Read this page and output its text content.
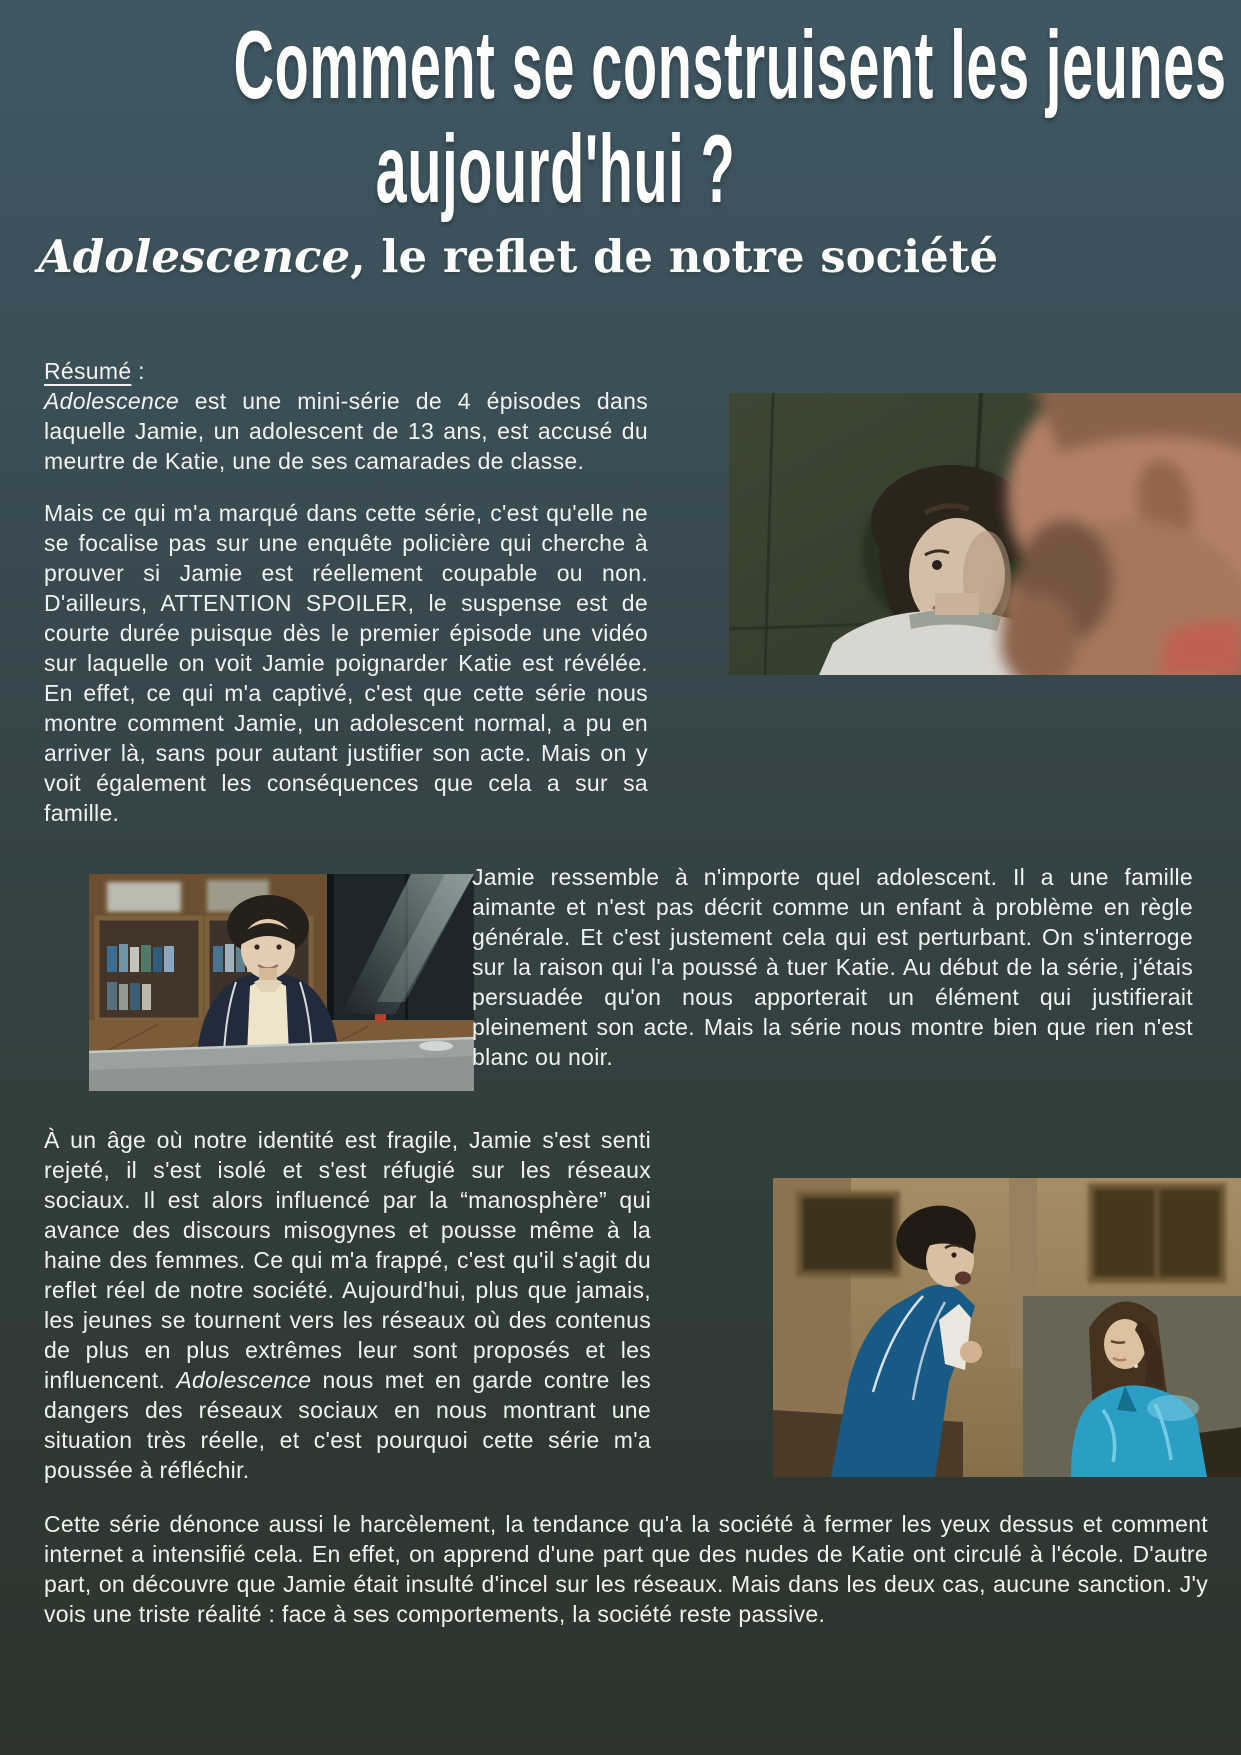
Comment se construisent les jeunes
aujourd'hui ?
Adolescence, le reflet de notre société
Résumé :

Adolescence est une mini-série de 4 épisodes dans laquelle Jamie, un adolescent de 13 ans, est accusé du meurtre de Katie, une de ses camarades de classe.

Mais ce qui m'a marqué dans cette série, c'est qu'elle ne se focalise pas sur une enquête policière qui cherche à prouver si Jamie est réellement coupable ou non. D'ailleurs, ATTENTION SPOILER, le suspense est de courte durée puisque dès le premier épisode une vidéo sur laquelle on voit Jamie poignarder Katie est révélée. En effet, ce qui m'a captivé, c'est que cette série nous montre comment Jamie, un adolescent normal, a pu en arriver là, sans pour autant justifier son acte. Mais on y voit également les conséquences que cela a sur sa famille.

Jamie ressemble à n'importe quel adolescent. Il a une famille aimante et n'est pas décrit comme un enfant à problème en règle générale. Et c'est justement cela qui est perturbant. On s'interroge sur la raison qui l'a poussé à tuer Katie. Au début de la série, j'étais persuadée qu'on nous apporterait un élément qui justifierait pleinement son acte. Mais la série nous montre bien que rien n'est blanc ou noir.
À un âge où notre identité est fragile, Jamie s'est senti rejeté, il s'est isolé et s'est réfugié sur les réseaux sociaux. Il est alors influencé par la “manosphère” qui avance des discours misogynes et pousse même à la haine des femmes. Ce qui m'a frappé, c'est qu'il s'agit du reflet réel de notre société. Aujourd'hui, plus que jamais, les jeunes se tournent vers les réseaux où des contenus de plus en plus extrêmes leur sont proposés et les influencent. Adolescence nous met en garde contre les dangers des réseaux sociaux en nous montrant une situation très réelle, et c'est pourquoi cette série m'a poussée à réfléchir.
Cette série dénonce aussi le harcèlement, la tendance qu'a la société à fermer les yeux dessus et comment internet a intensifié cela. En effet, on apprend d'une part que des nudes de Katie ont circulé à l'école. D'autre part, on découvre que Jamie était insulté d'incel sur les réseaux. Mais dans les deux cas, aucune sanction. J'y vois une triste réalité : face à ses comportements, la société reste passive.
